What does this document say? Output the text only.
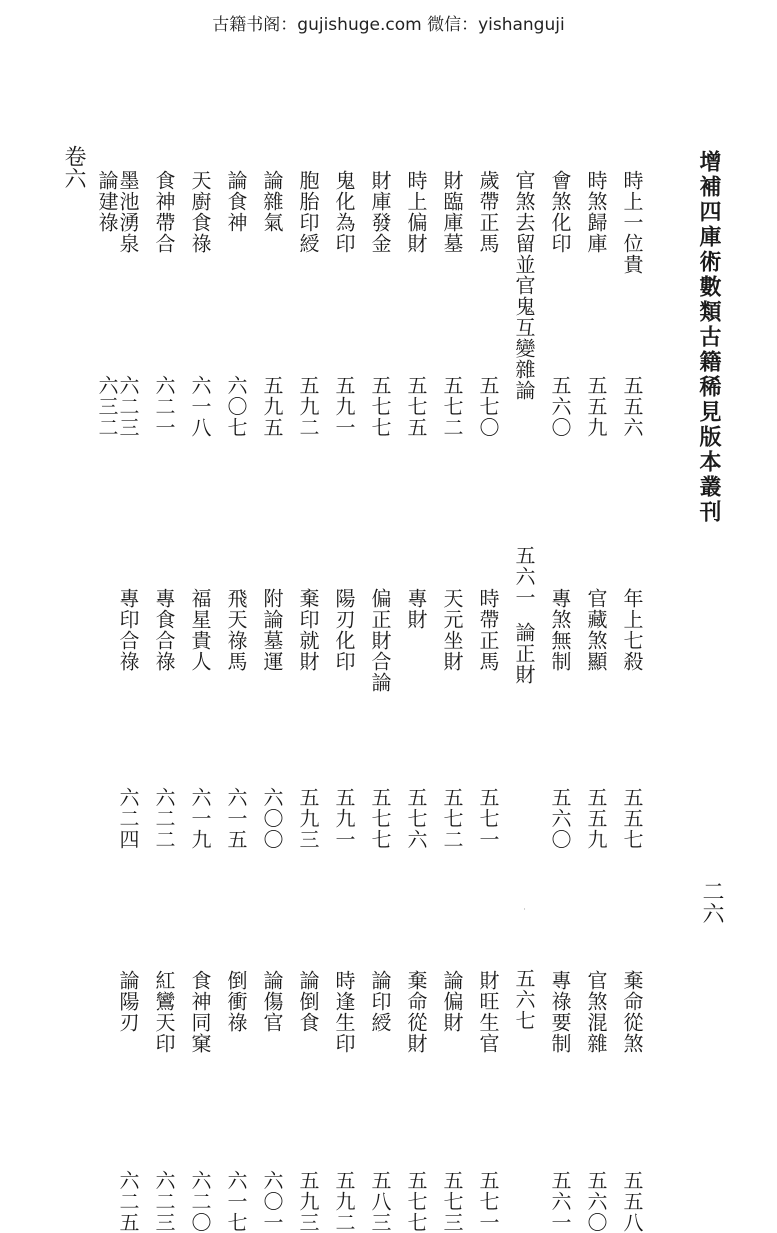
古籍书阁：gujishuge.com 微信：yishanguji
增補四庫術數類古籍稀見版本叢刊
二六
卷六
·
時上一位貴
五五六
年上七殺
五五七
棄命從煞
五五八
時煞歸庫
五五九
官藏煞顯
五五九
官煞混雜
五六〇
會煞化印
五六〇
專煞無制
五六〇
專祿要制
五六一
官煞去留並官鬼互變雜論
五六一
論正財
五六七
歲帶正馬
五七〇
時帶正馬
五七一
財旺生官
五七一
財臨庫墓
五七二
天元坐財
五七二
論偏財
五七三
時上偏財
五七五
專財
五七六
棄命從財
五七七
財庫發金
五七七
偏正財合論
五七七
論印綬
五八三
鬼化為印
五九一
陽刃化印
五九一
時逢生印
五九二
胞胎印綬
五九二
棄印就財
五九三
論倒食
五九三
論雜氣
五九五
附論墓運
六〇〇
論傷官
六〇一
論食神
六〇七
飛天祿馬
六一五
倒衝祿
六一七
天廚食祿
六一八
福星貴人
六一九
食神同窠
六二〇
食神帶合
六二一
專食合祿
六二二
紅鸞天印
六二三
墨池湧泉
六二三
專印合祿
六二四
論陽刃
六二五
論建祿
六三二
